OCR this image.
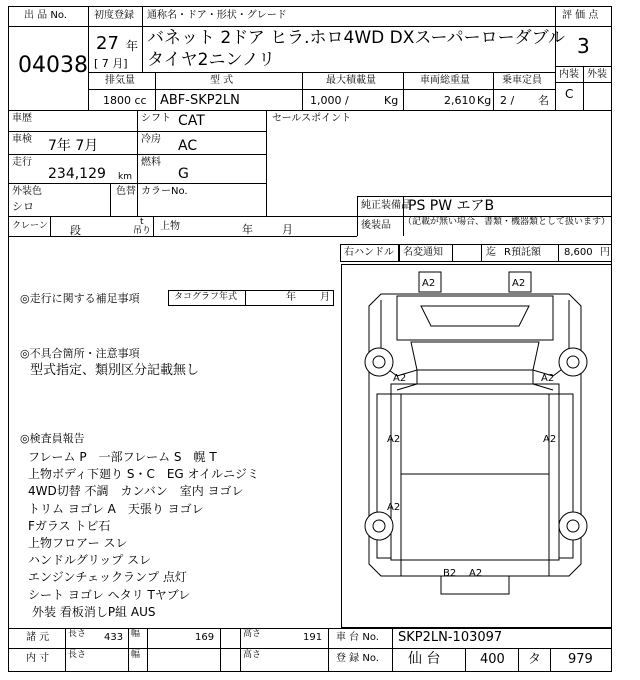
出 品 No.
04038
初度登録
27 年
[ 7 月]
通称名・ドア・形状・グレード
バネット 2ドア ヒラ.ホロ4WD DXスーパーローダブル
タイヤ2ニンノリ
評 価 点
3
内装 外装
C
排気量
1800 cc
型 式
ABF-SKP2LN
最大積載量
1,000 /	Kg
車両総重量
2,610 Kg
乗車定員
2 / 名
車歴	シフト CAT
車検 7年 7月	冷房 AC
走行
234,129 km
燃料
G
外装色
シロ
色替 カラーNo.
セールスポイント
純正装備品
PS PW エアB
後装品 （記載が無い場合、書類・機器類として扱います）
クレーン 段
t
吊り 上物	年	月
右ハンドル 名変通知	迄 R預託額 8,600 円
◎走行に関する補足事項	タコグラフ年式	年 月
◎不具合箇所・注意事項
型式指定、類別区分記載無し
◎検査員報告
フレーム P　一部フレーム S　幌 T
上物ボディ下廻り S・C　EG オイルニジミ
4WD切替 不調　カンバン　室内 ヨゴレ
トリム ヨゴレ A　天張り ヨゴレ
Fガラス トビ石
上物フロアー スレ
ハンドルグリップ スレ
エンジンチェックランプ 点灯
シート ヨゴレ ヘタリ Tヤブレ
外装 看板消しP組 AUS
A2	A2
A2	A2
A2	A2
A2
B2 A2
諸 元 長さ 433 幅	169	高さ	191 車 台 No. SKP2LN-103097
内 寸 長さ	幅	高さ	登 録 No. 仙 台	400 タ 979
